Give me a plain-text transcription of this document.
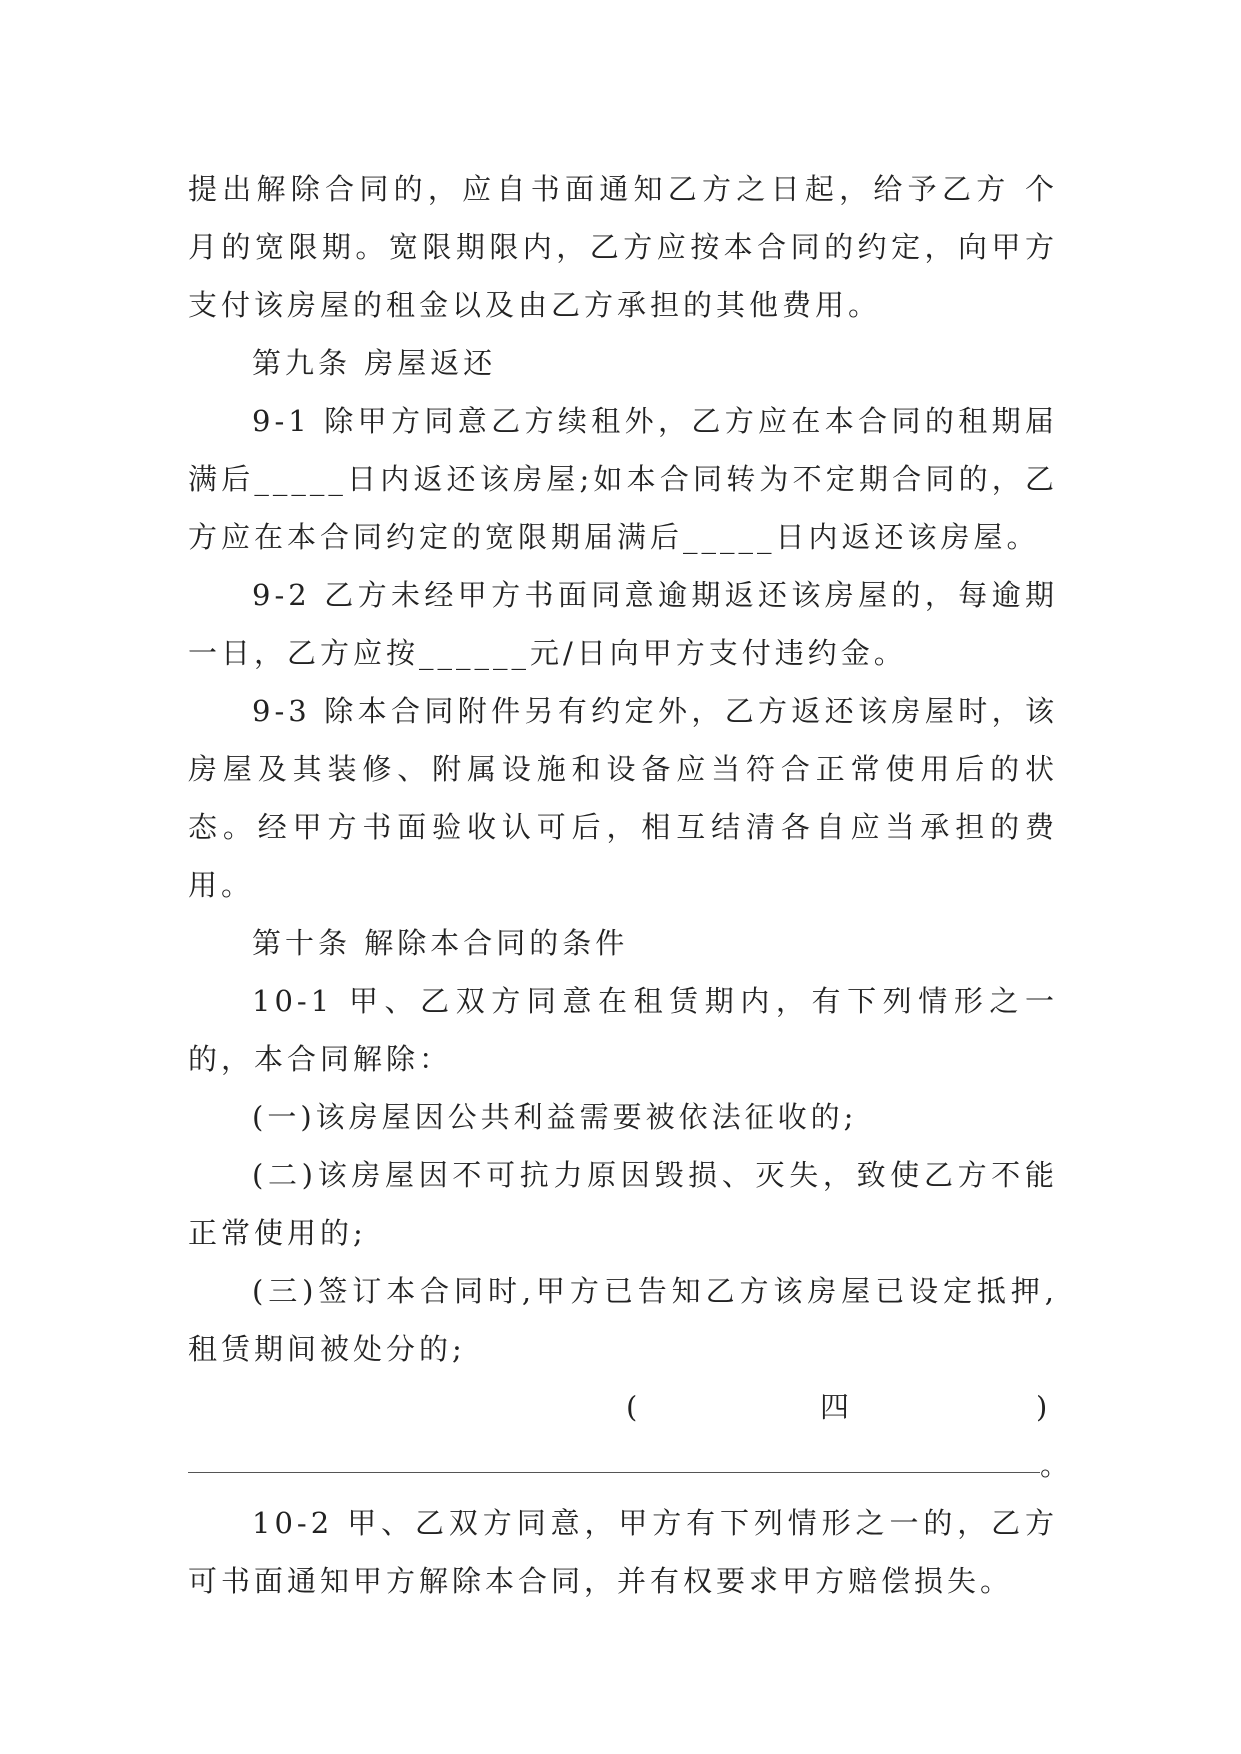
提出解除合同的，应自书面通知乙方之日起，给予乙方 个月的宽限期。宽限期限内，乙方应按本合同的约定，向甲方支付该房屋的租金以及由乙方承担的其他费用。

第九条 房屋返还

9-1 除甲方同意乙方续租外，乙方应在本合同的租期届满后_____日内返还该房屋;如本合同转为不定期合同的，乙方应在本合同约定的宽限期届满后_____日内返还该房屋。

9-2 乙方未经甲方书面同意逾期返还该房屋的，每逾期一日，乙方应按______元/日向甲方支付违约金。

9-3 除本合同附件另有约定外，乙方返还该房屋时，该房屋及其装修、附属设施和设备应当符合正常使用后的状态。经甲方书面验收认可后，相互结清各自应当承担的费用。

第十条 解除本合同的条件

10-1 甲、乙双方同意在租赁期内，有下列情形之一的，本合同解除：

(一)该房屋因公共利益需要被依法征收的;

(二)该房屋因不可抗力原因毁损、灭失，致使乙方不能正常使用的;

(三)签订本合同时,甲方已告知乙方该房屋已设定抵押,租赁期间被处分的;

(	四	)
。

10-2 甲、乙双方同意，甲方有下列情形之一的，乙方可书面通知甲方解除本合同，并有权要求甲方赔偿损失。
